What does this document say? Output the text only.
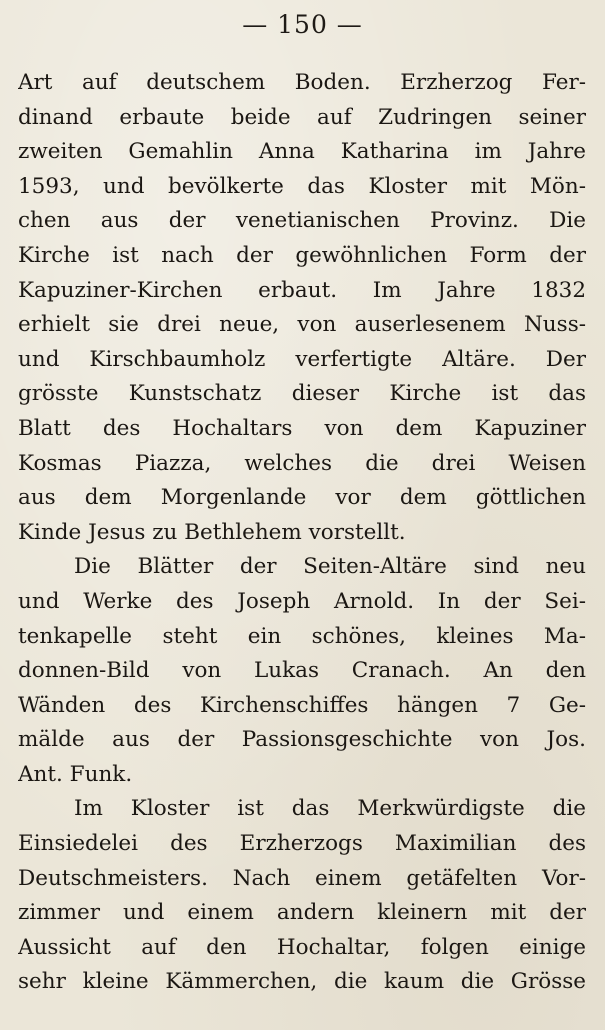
— 150 —
Art auf deutschem Boden. Erzherzog Fer-
dinand erbaute beide auf Zudringen seiner
zweiten Gemahlin Anna Katharina im Jahre
1593, und bevölkerte das Kloster mit Mön-
chen aus der venetianischen Provinz. Die
Kirche ist nach der gewöhnlichen Form der
Kapuziner-Kirchen erbaut. Im Jahre 1832
erhielt sie drei neue, von auserlesenem Nuss-
und Kirschbaumholz verfertigte Altäre. Der
grösste Kunstschatz dieser Kirche ist das
Blatt des Hochaltars von dem Kapuziner
Kosmas Piazza, welches die drei Weisen
aus dem Morgenlande vor dem göttlichen
Kinde Jesus zu Bethlehem vorstellt.
Die Blätter der Seiten-Altäre sind neu
und Werke des Joseph Arnold. In der Sei-
tenkapelle steht ein schönes, kleines Ma-
donnen-Bild von Lukas Cranach. An den
Wänden des Kirchenschiffes hängen 7 Ge-
mälde aus der Passionsgeschichte von Jos.
Ant. Funk.
Im Kloster ist das Merkwürdigste die
Einsiedelei des Erzherzogs Maximilian des
Deutschmeisters. Nach einem getäfelten Vor-
zimmer und einem andern kleinern mit der
Aussicht auf den Hochaltar, folgen einige
sehr kleine Kämmerchen, die kaum die Grösse
